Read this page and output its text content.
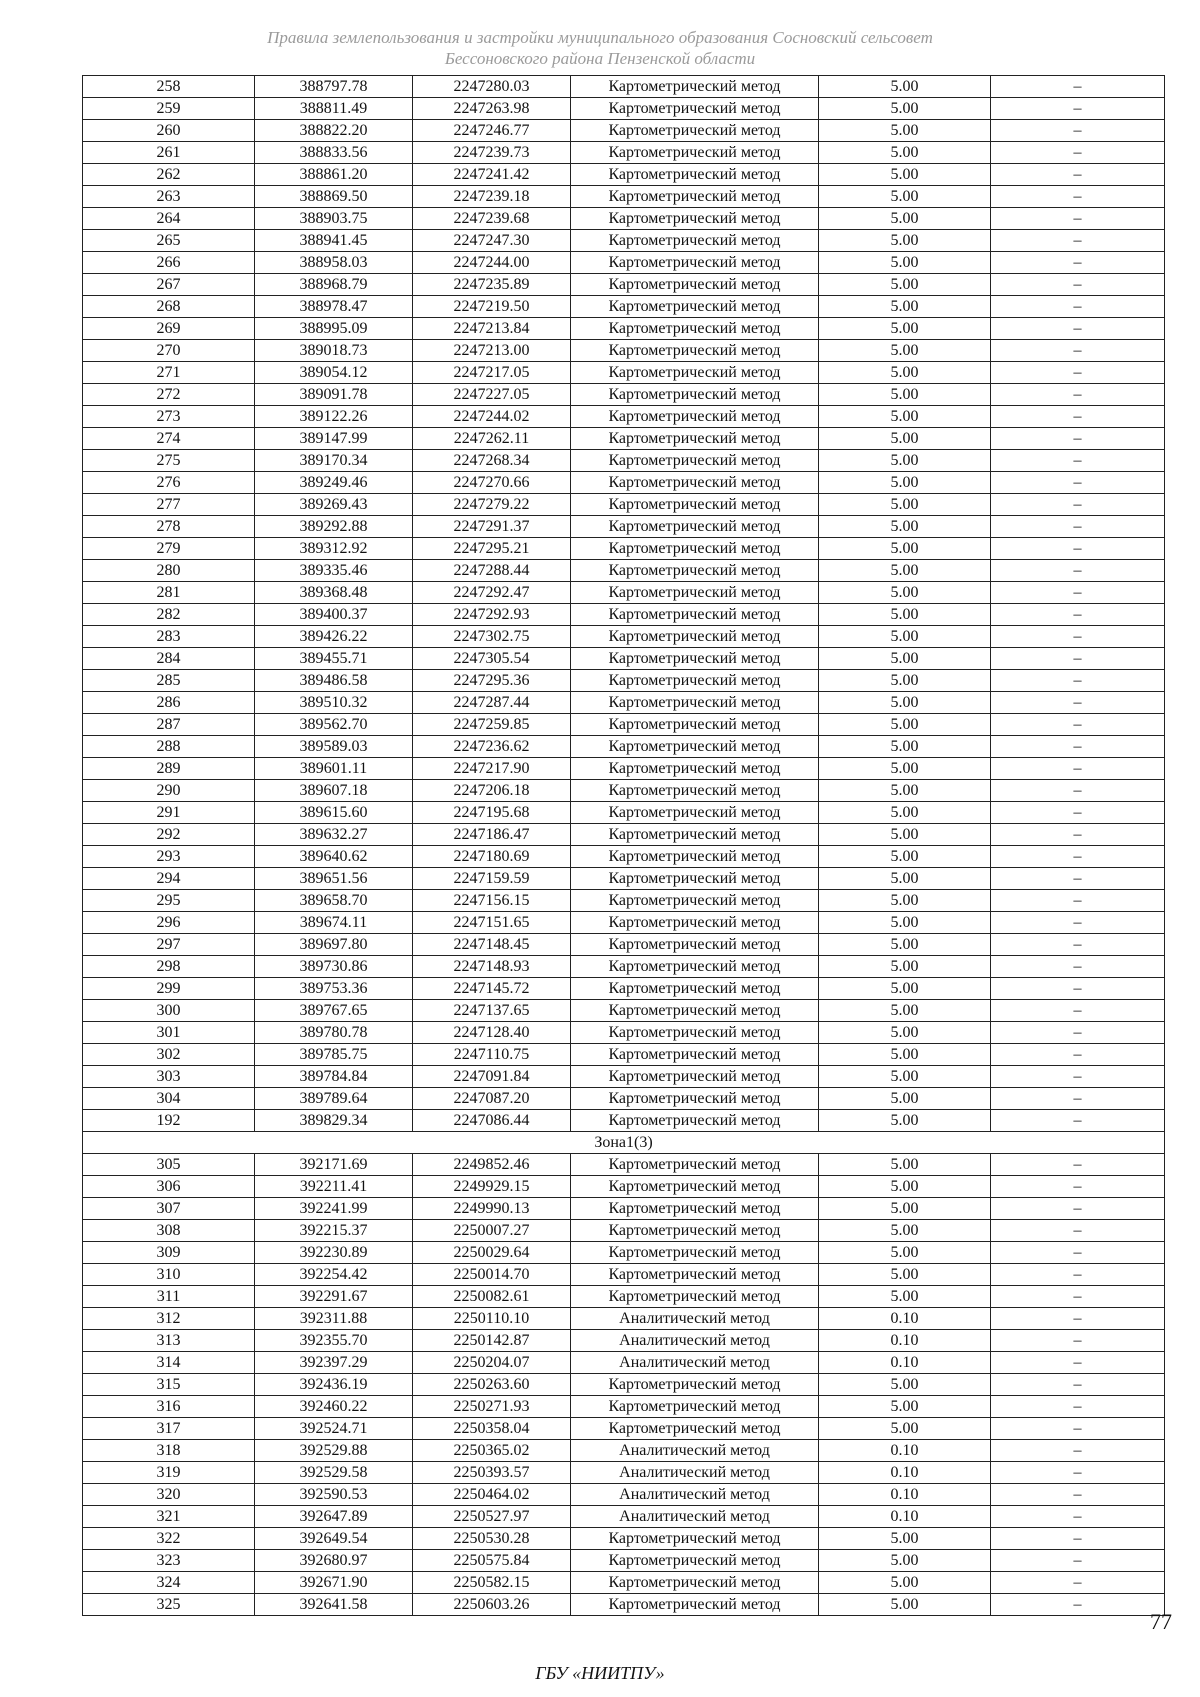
Правила землепользования и застройки муниципального образования Сосновский сельсовет
Бессоновского района Пензенской области
258	388797.78	2247280.03	Картометрический метод	5.00	–
259	388811.49	2247263.98	Картометрический метод	5.00	–
260	388822.20	2247246.77	Картометрический метод	5.00	–
261	388833.56	2247239.73	Картометрический метод	5.00	–
262	388861.20	2247241.42	Картометрический метод	5.00	–
263	388869.50	2247239.18	Картометрический метод	5.00	–
264	388903.75	2247239.68	Картометрический метод	5.00	–
265	388941.45	2247247.30	Картометрический метод	5.00	–
266	388958.03	2247244.00	Картометрический метод	5.00	–
267	388968.79	2247235.89	Картометрический метод	5.00	–
268	388978.47	2247219.50	Картометрический метод	5.00	–
269	388995.09	2247213.84	Картометрический метод	5.00	–
270	389018.73	2247213.00	Картометрический метод	5.00	–
271	389054.12	2247217.05	Картометрический метод	5.00	–
272	389091.78	2247227.05	Картометрический метод	5.00	–
273	389122.26	2247244.02	Картометрический метод	5.00	–
274	389147.99	2247262.11	Картометрический метод	5.00	–
275	389170.34	2247268.34	Картометрический метод	5.00	–
276	389249.46	2247270.66	Картометрический метод	5.00	–
277	389269.43	2247279.22	Картометрический метод	5.00	–
278	389292.88	2247291.37	Картометрический метод	5.00	–
279	389312.92	2247295.21	Картометрический метод	5.00	–
280	389335.46	2247288.44	Картометрический метод	5.00	–
281	389368.48	2247292.47	Картометрический метод	5.00	–
282	389400.37	2247292.93	Картометрический метод	5.00	–
283	389426.22	2247302.75	Картометрический метод	5.00	–
284	389455.71	2247305.54	Картометрический метод	5.00	–
285	389486.58	2247295.36	Картометрический метод	5.00	–
286	389510.32	2247287.44	Картометрический метод	5.00	–
287	389562.70	2247259.85	Картометрический метод	5.00	–
288	389589.03	2247236.62	Картометрический метод	5.00	–
289	389601.11	2247217.90	Картометрический метод	5.00	–
290	389607.18	2247206.18	Картометрический метод	5.00	–
291	389615.60	2247195.68	Картометрический метод	5.00	–
292	389632.27	2247186.47	Картометрический метод	5.00	–
293	389640.62	2247180.69	Картометрический метод	5.00	–
294	389651.56	2247159.59	Картометрический метод	5.00	–
295	389658.70	2247156.15	Картометрический метод	5.00	–
296	389674.11	2247151.65	Картометрический метод	5.00	–
297	389697.80	2247148.45	Картометрический метод	5.00	–
298	389730.86	2247148.93	Картометрический метод	5.00	–
299	389753.36	2247145.72	Картометрический метод	5.00	–
300	389767.65	2247137.65	Картометрический метод	5.00	–
301	389780.78	2247128.40	Картометрический метод	5.00	–
302	389785.75	2247110.75	Картометрический метод	5.00	–
303	389784.84	2247091.84	Картометрический метод	5.00	–
304	389789.64	2247087.20	Картометрический метод	5.00	–
192	389829.34	2247086.44	Картометрический метод	5.00	–
Зона1(3)					
305	392171.69	2249852.46	Картометрический метод	5.00	–
306	392211.41	2249929.15	Картометрический метод	5.00	–
307	392241.99	2249990.13	Картометрический метод	5.00	–
308	392215.37	2250007.27	Картометрический метод	5.00	–
309	392230.89	2250029.64	Картометрический метод	5.00	–
310	392254.42	2250014.70	Картометрический метод	5.00	–
311	392291.67	2250082.61	Картометрический метод	5.00	–
312	392311.88	2250110.10	Аналитический метод	0.10	–
313	392355.70	2250142.87	Аналитический метод	0.10	–
314	392397.29	2250204.07	Аналитический метод	0.10	–
315	392436.19	2250263.60	Картометрический метод	5.00	–
316	392460.22	2250271.93	Картометрический метод	5.00	–
317	392524.71	2250358.04	Картометрический метод	5.00	–
318	392529.88	2250365.02	Аналитический метод	0.10	–
319	392529.58	2250393.57	Аналитический метод	0.10	–
320	392590.53	2250464.02	Аналитический метод	0.10	–
321	392647.89	2250527.97	Аналитический метод	0.10	–
322	392649.54	2250530.28	Картометрический метод	5.00	–
323	392680.97	2250575.84	Картометрический метод	5.00	–
324	392671.90	2250582.15	Картометрический метод	5.00	–
325	392641.58	2250603.26	Картометрический метод	5.00	–
77
ГБУ «НИИТПУ»
